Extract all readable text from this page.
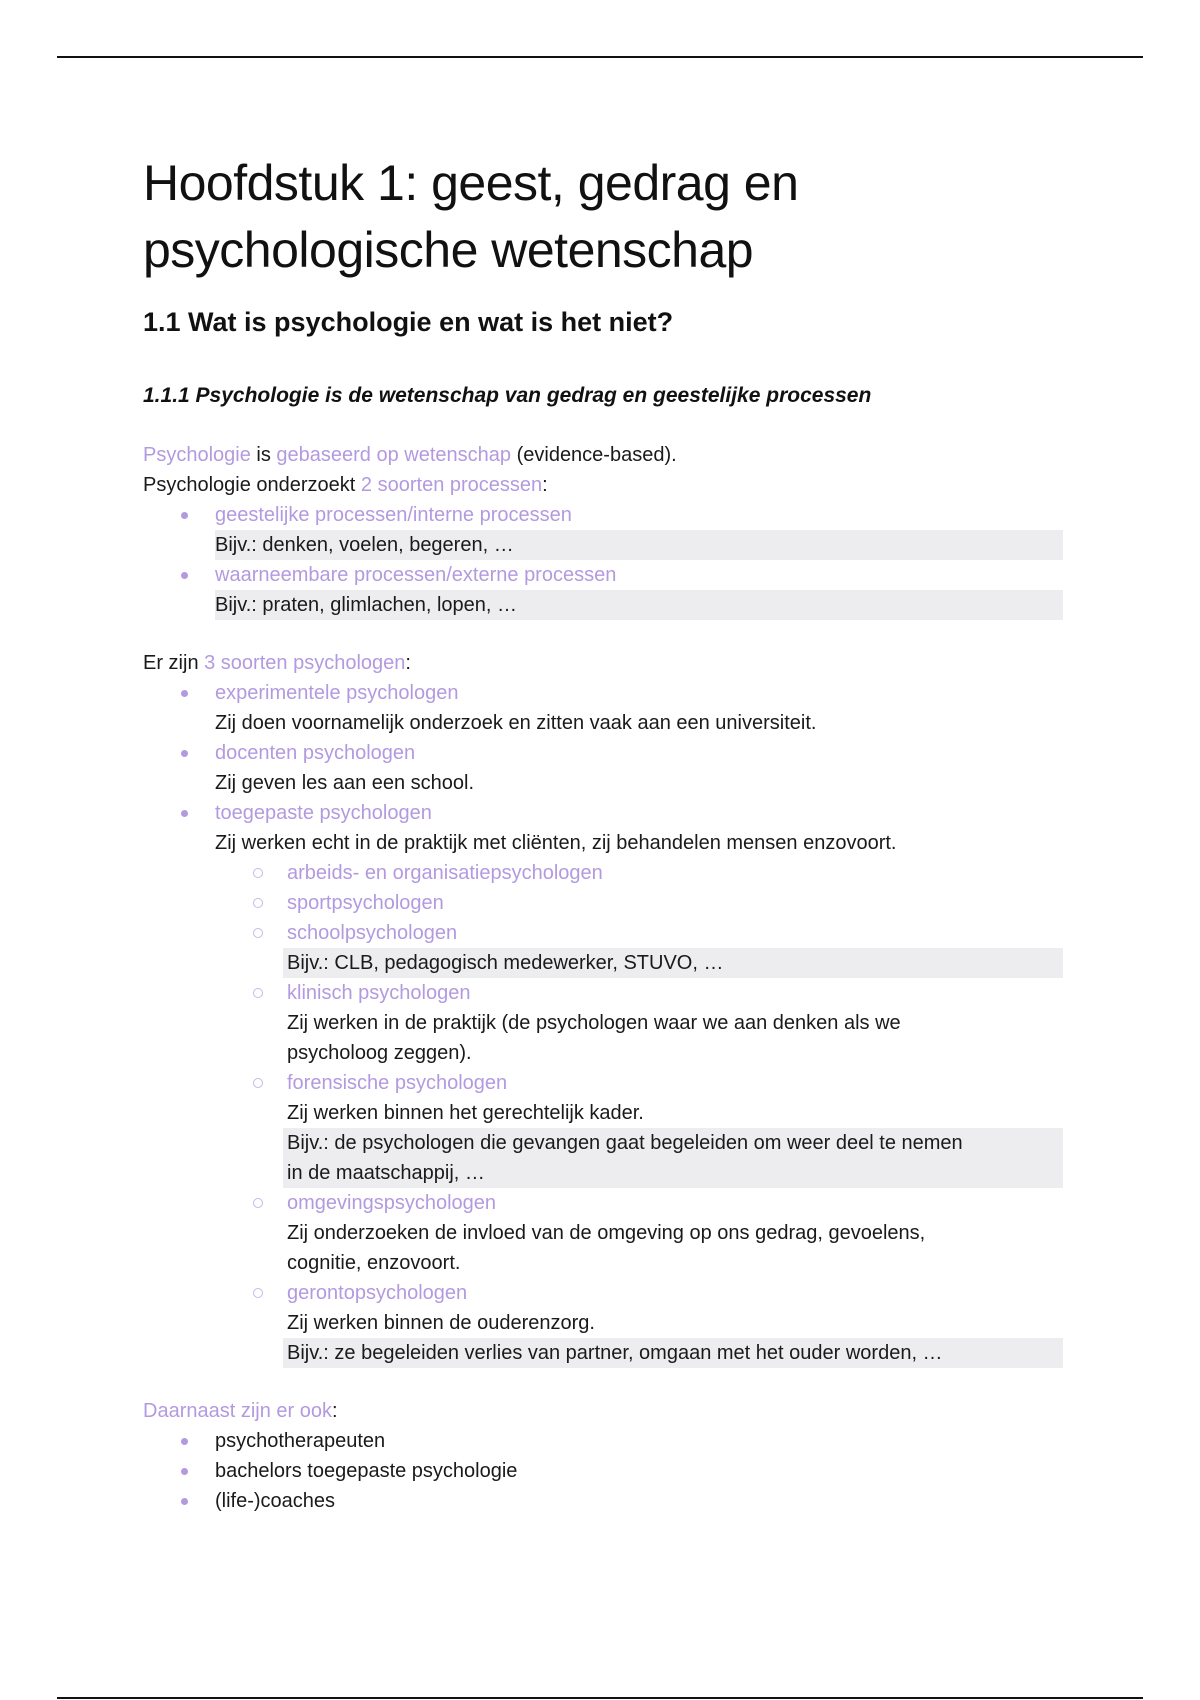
Hoofdstuk 1: geest, gedrag en
psychologische wetenschap
1.1 Wat is psychologie en wat is het niet?
1.1.1 Psychologie is de wetenschap van gedrag en geestelijke processen
Psychologie is gebaseerd op wetenschap (evidence-based).
Psychologie onderzoekt 2 soorten processen:
geestelijke processen/interne processen
Bijv.: denken, voelen, begeren, …
waarneembare processen/externe processen
Bijv.: praten, glimlachen, lopen, …
Er zijn 3 soorten psychologen:
experimentele psychologen
Zij doen voornamelijk onderzoek en zitten vaak aan een universiteit.
docenten psychologen
Zij geven les aan een school.
toegepaste psychologen
Zij werken echt in de praktijk met cliënten, zij behandelen mensen enzovoort.
arbeids- en organisatiepsychologen
sportpsychologen
schoolpsychologen
Bijv.: CLB, pedagogisch medewerker, STUVO, …
klinisch psychologen
Zij werken in de praktijk (de psychologen waar we aan denken als we
psycholoog zeggen).
forensische psychologen
Zij werken binnen het gerechtelijk kader.
Bijv.: de psychologen die gevangen gaat begeleiden om weer deel te nemen
in de maatschappij, …
omgevingspsychologen
Zij onderzoeken de invloed van de omgeving op ons gedrag, gevoelens,
cognitie, enzovoort.
gerontopsychologen
Zij werken binnen de ouderenzorg.
Bijv.: ze begeleiden verlies van partner, omgaan met het ouder worden, …
Daarnaast zijn er ook:
psychotherapeuten
bachelors toegepaste psychologie
(life-)coaches
